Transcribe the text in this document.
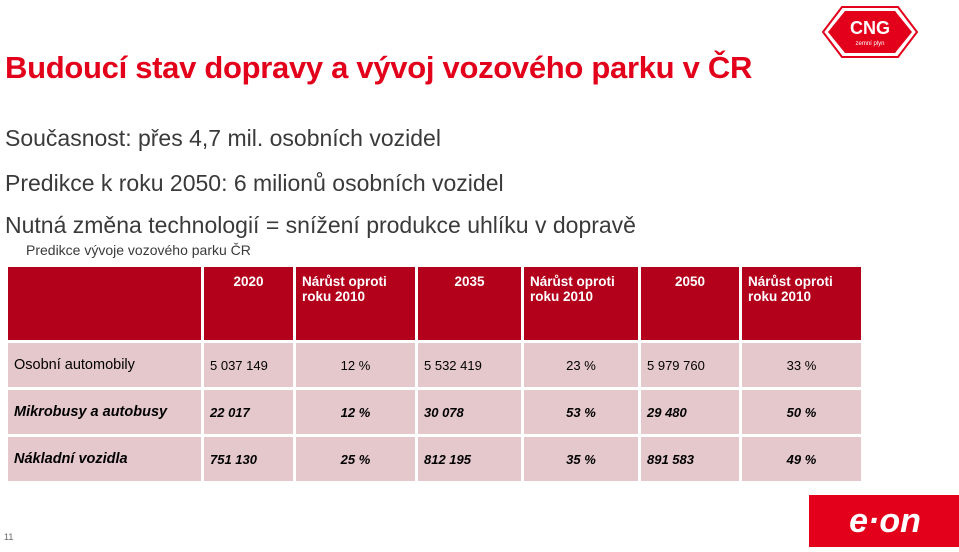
CNG
zemní plyn
Budoucí stav dopravy a vývoj vozového parku v ČR
Současnost: přes 4,7 mil. osobních vozidel
Predikce k roku 2050: 6 milionů osobních vozidel
Nutná změna technologií = snížení produkce uhlíku v dopravě
Predikce vývoje vozového parku ČR
	2020	Nárůst oproti roku 2010	2035	Nárůst oproti roku 2010	2050	Nárůst oproti roku 2010
Osobní automobily	5 037 149	12 %	5 532 419	23 %	5 979 760	33 %
Mikrobusy a autobusy	22 017	12 %	30 078	53 %	29 480	50 %
Nákladní vozidla	751 130	25 %	812 195	35 %	891 583	49 %
e·on
11
